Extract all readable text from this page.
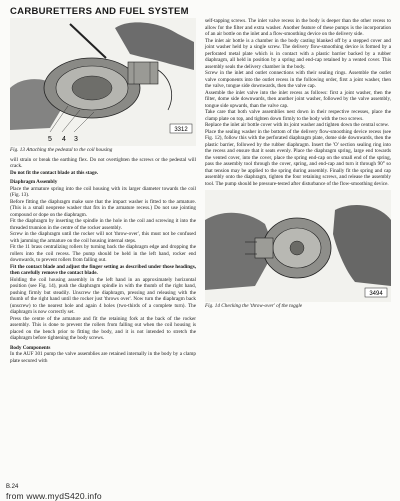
CARBURETTERS AND FUEL SYSTEM
3312
5 4 3
Fig. 13 Attaching the pedestal to the coil housing

will strain or break the earthing flex. Do not overtighten the screws or the pedestal will crack.

Do not fit the contact blade at this stage.

Diaphragm Assembly

Place the armature spring into the coil housing with its larger diameter towards the coil (Fig. 13).

Before fitting the diaphragm make sure that the impact washer is fitted to the armature. (This is a small neoprene washer that fits in the armature recess.) Do not use jointing compound or dope on the diaphragm.

Fit the diaphragm by inserting the spindle in the hole in the coil and screwing it into the threaded trunnion in the centre of the rocker assembly.

Screw in the diaphragm until the rocker will not 'throw-over', this must not be confused with jamming the armature on the coil housing internal steps.

Fit the 11 brass centralizing rollers by turning back the diaphragm edge and dropping the rollers into the coil recess. The pump should be held in the left hand, rocker end downwards, to prevent rollers from falling out.

Fit the contact blade and adjust the finger setting as described under those headings, then carefully remove the contact blade.

Holding the coil housing assembly in the left hand in an approximately horizontal position (see Fig. 14), push the diaphragm spindle in with the thumb of the right hand, pushing firmly but steadily. Unscrew the diaphragm, pressing and releasing with the thumb of the right hand until the rocker just 'throws over'. Now turn the diaphragm back (unscrew) to the nearest hole and again 4 holes (two-thirds of a complete turn). The diaphragm is now correctly set.

Press the centre of the armature and fit the retaining fork at the back of the rocker assembly. This is done to prevent the rollers from falling out when the coil housing is placed on the bench prior to fitting the body, and it is not intended to stretch the diaphragm before tightening the body screws.

Body Components

In the AUF 301 pump the valve assemblies are retained internally in the body by a clamp plate secured with

self-tapping screws. The inlet valve recess in the body is deeper than the other recess to allow for the filter and extra washer. Another feature of these pumps is the incorporation of an air bottle on the inlet and a flow-smoothing device on the delivery side.

The inlet air bottle is a chamber in the body casting blanked off by a stepped cover and joint washer held by a single screw. The delivery flow-smoothing device is formed by a perforated metal plate which is in contact with a plastic barrier backed by a rubber diaphragm, all held in position by a spring and end-cap retained by a vented cover. This assembly seals the delivery chamber in the body.

Screw in the inlet and outlet connections with their sealing rings. Assemble the outlet valve components into the outlet recess in the following order, first a joint washer, then the valve, tongue side downwards, then the valve cap.

Assemble the inlet valve into the inlet recess as follows: first a joint washer, then the filter, dome side downwards, then another joint washer, followed by the valve assembly, tongue side upwards, than the valve cap.

Take care that both valve assemblies nest down in their respective recesses, place the clamp plate on top, and tighten down firmly to the body with the two screws.

Replace the inlet air bottle cover with its joint washer and tighten down the central screw.

Place the sealing washer in the bottom of the delivery flow-smoothing device recess (see Fig. 12), follow this with the perforated diaphragm plate, dome side downwards, then the plastic barrier, followed by the rubber diaphragm. Insert the 'O' section sealing ring into the recess and ensure that it seats evenly. Place the diaphragm spring, large end towards the vented cover, into the cover, place the spring end-cap on the small end of the spring, pass the assembly tool through the cover, spring, and end-cap and turn it through 90° so that tension may be applied to the spring during assembly. Finally fit the spring and cap assembly onto the diaphragm, tighten the four retaining screws, and release the assembly tool. The pump should be pressure-tested after disturbance of the flow-smoothing device.

3494
Fig. 14 Checking the 'throw-over' of the toggle
B.24
from www.mydS420.info
